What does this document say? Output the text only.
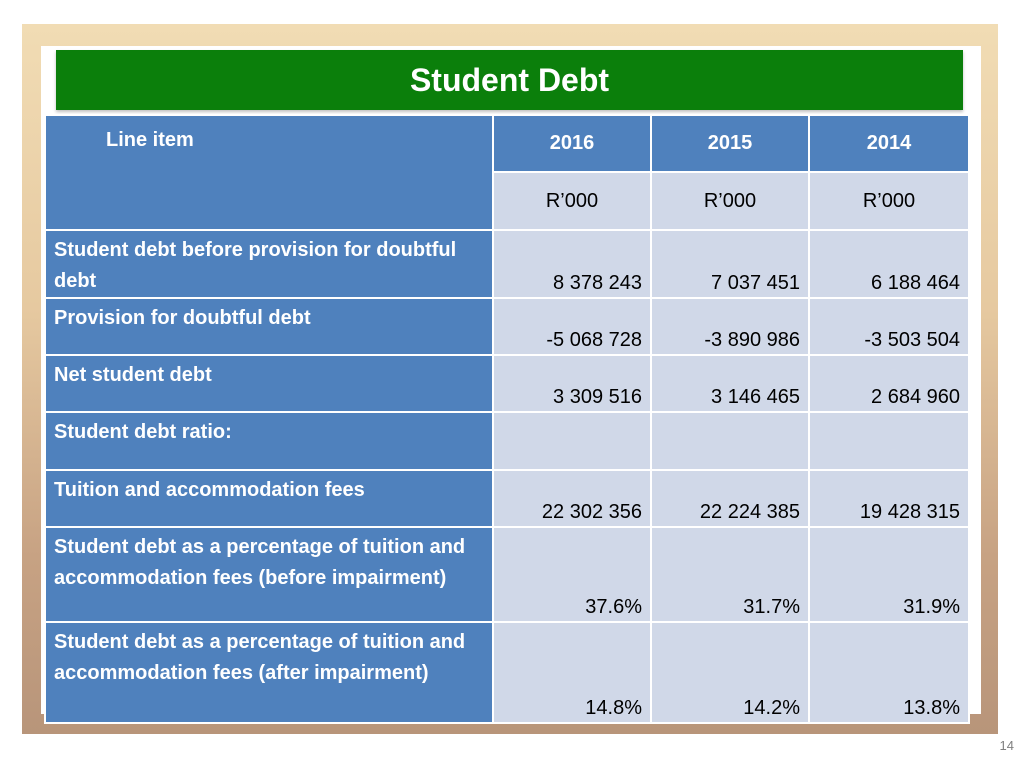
Student Debt
Line item	2016	2015	2014
	R’000	R’000	R’000
Student debt before provision for doubtful debt	8 378 243	7 037 451	6 188 464
Provision for doubtful debt	-5 068 728	-3 890 986	-3 503 504
Net student debt	3 309 516	3 146 465	2 684 960
Student debt ratio:			
Tuition and accommodation fees	22 302 356	22 224 385	19 428 315
Student debt as a percentage of tuition and accommodation fees (before impairment)	37.6%	31.7%	31.9%
Student debt as a percentage of tuition and accommodation fees (after impairment)	14.8%	14.2%	13.8%
14
